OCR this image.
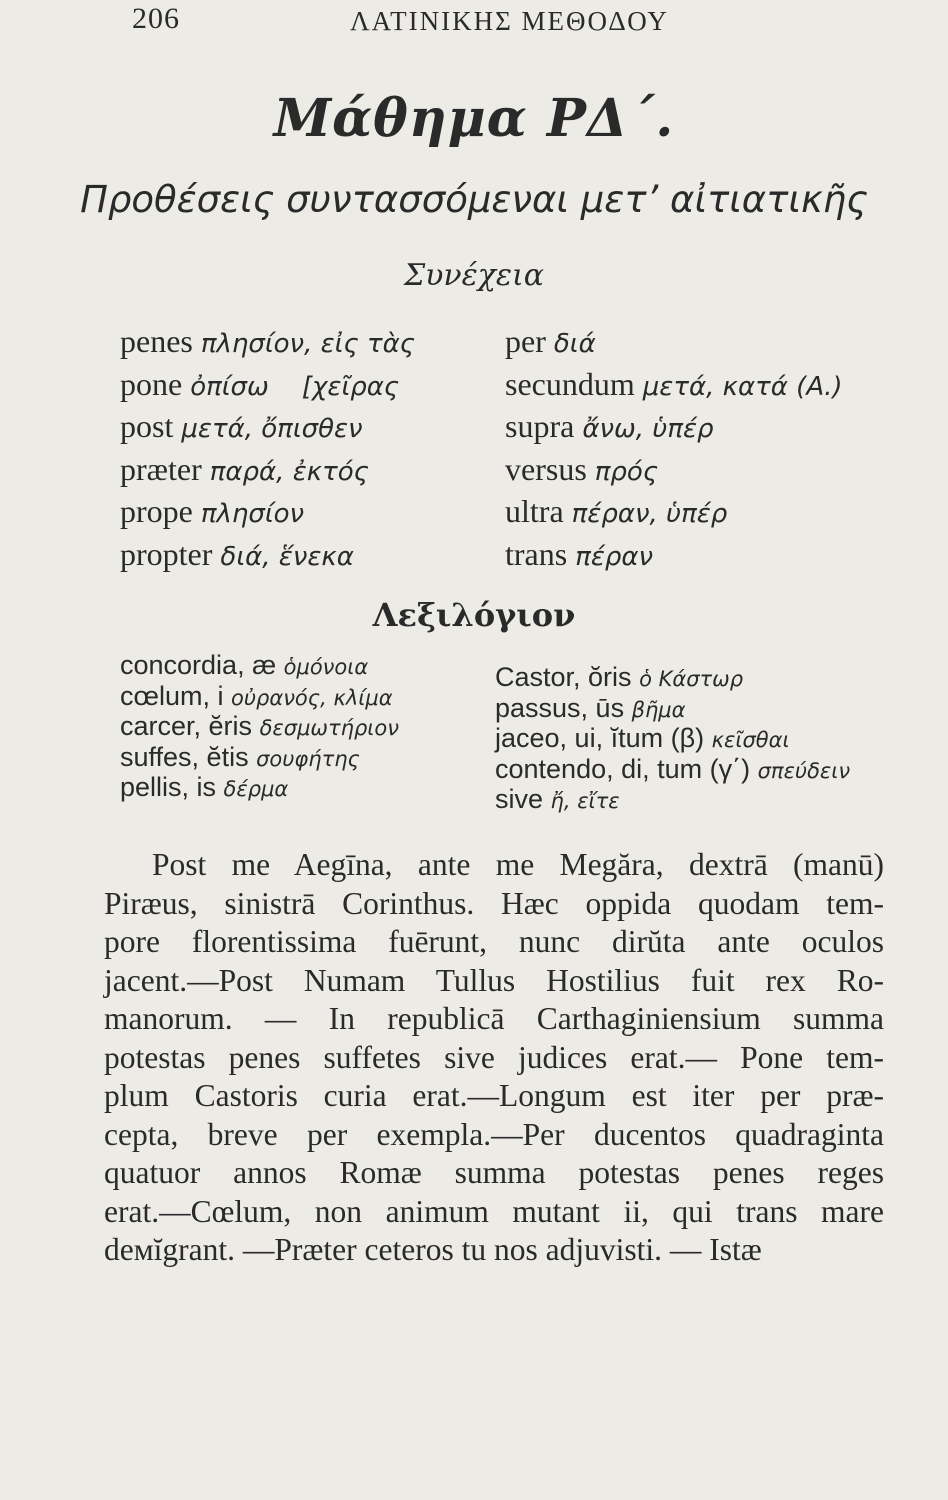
206	ΛΑΤΙΝΙΚΗΣ ΜΕΘΟΔΟΥ
Μάθημα ΡΔ΄.
Προθέσεις συντασσόμεναι μετ’ αἰτιατικῆς
Συνέχεια
penes πλησίον, εἰς τὰς
pone ὀπίσω    [χεῖρας
post μετά, ὄπισθεν
præter παρά, ἐκτός
prope πλησίον
propter διά, ἕνεκα
per διά
secundum μετά, κατά (Α.)
supra ἄνω, ὑπέρ
versus πρός
ultra πέραν, ὑπέρ
trans πέραν
Λεξιλόγιον
concordia, æ ὁμόνοια
cœlum, i οὐρανός, κλίμα
carcer, ĕris δεσμωτήριον
suffes, ĕtis σουφήτης
pellis, is δέρμα
Castor, ŏris ὁ Κάστωρ
passus, ūs βῆμα
jaceo, ui, ĭtum (β) κεῖσθαι
contendo, di, tum (γ΄) σπεύδειν
sive ἤ, εἴτε
Post me Aegīna, ante me Megăra, dextrā (manū)
Piræus, sinistrā Corinthus. Hæc oppida quodam tem-
pore florentissima fuērunt, nunc dirŭta ante oculos
jacent.—Post Numam Tullus Hostilius fuit rex Ro-
manorum. — In republicā Carthaginiensium summa
potestas penes suffetes sive judices erat.— Pone tem-
plum Castoris curia erat.—Longum est iter per præ-
cepta, breve per exempla.—Per ducentos quadraginta
quatuor annos Romæ summa potestas penes reges
erat.—Cœlum, non animum mutant ii, qui trans mare
dемĭgrant. —Præter ceteros tu nos adjuvisti. — Istæ
